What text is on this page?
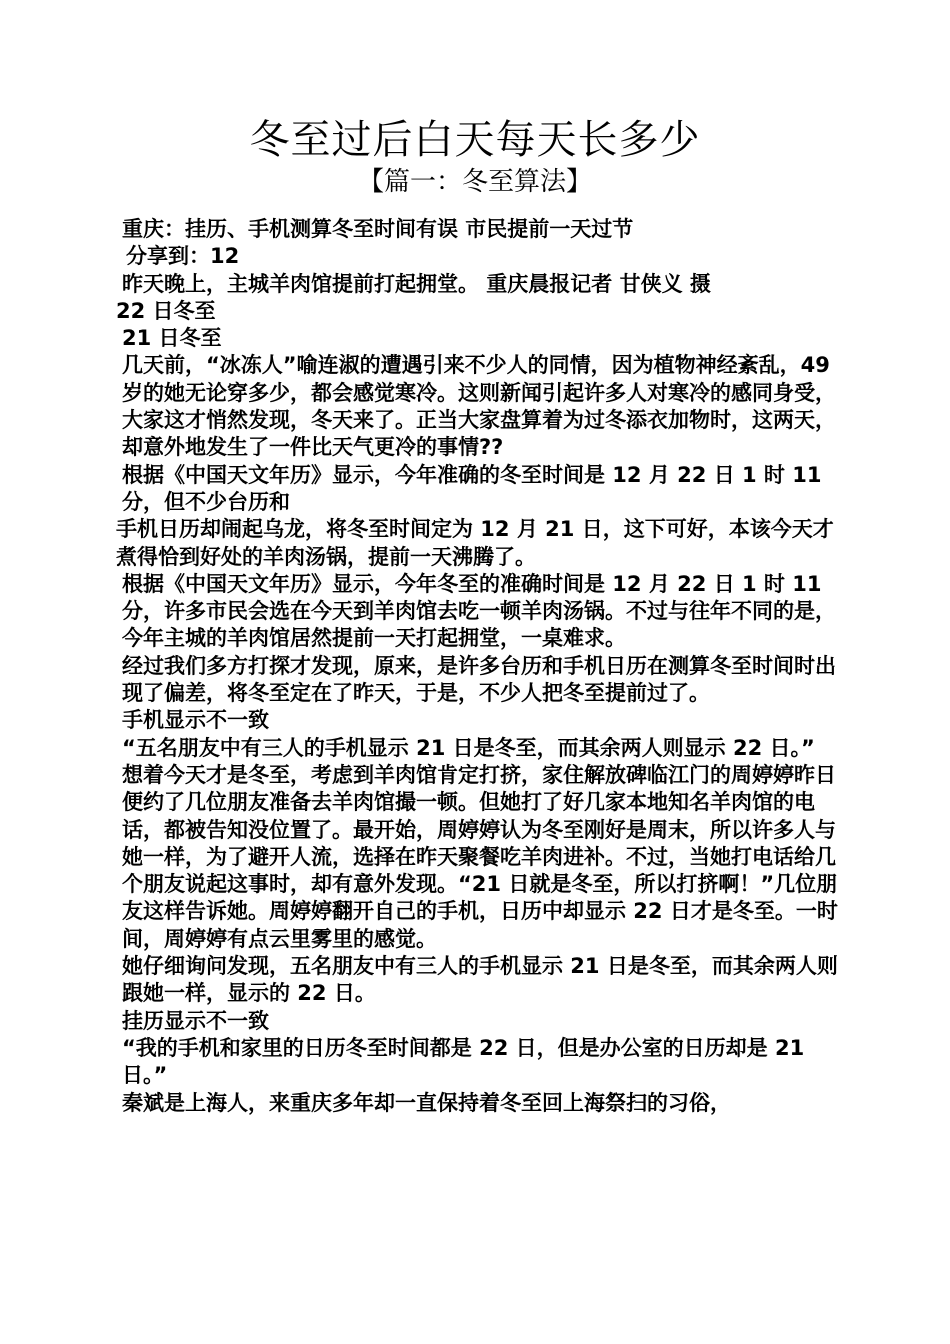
冬至过后白天每天长多少
【篇一：冬至算法】

重庆：挂历、手机测算冬至时间有误 市民提前一天过节

分享到：12

昨天晚上，主城羊肉馆提前打起拥堂。 重庆晨报记者 甘侠义 摄

22 日冬至

21 日冬至

几天前，“冰冻人”喻连淑的遭遇引来不少人的同情，因为植物神经紊乱，49 岁的她无论穿多少，都会感觉寒冷。这则新闻引起许多人对寒冷的感同身受，大家这才悄然发现，冬天来了。正当大家盘算着为过冬添衣加物时，这两天，却意外地发生了一件比天气更冷的事情??

根据《中国天文年历》显示，今年准确的冬至时间是 12 月 22 日 1 时 11 分，但不少台历和

手机日历却闹起乌龙，将冬至时间定为 12 月 21 日，这下可好，本该今天才煮得恰到好处的羊肉汤锅，提前一天沸腾了。

根据《中国天文年历》显示，今年冬至的准确时间是 12 月 22 日 1 时 11 分，许多市民会选在今天到羊肉馆去吃一顿羊肉汤锅。不过与往年不同的是，今年主城的羊肉馆居然提前一天打起拥堂，一桌难求。

经过我们多方打探才发现，原来，是许多台历和手机日历在测算冬至时间时出现了偏差，将冬至定在了昨天，于是，不少人把冬至提前过了。

手机显示不一致

“五名朋友中有三人的手机显示 21 日是冬至，而其余两人则显示 22 日。”

想着今天才是冬至，考虑到羊肉馆肯定打挤，家住解放碑临江门的周婷婷昨日便约了几位朋友准备去羊肉馆撮一顿。但她打了好几家本地知名羊肉馆的电话，都被告知没位置了。最开始，周婷婷认为冬至刚好是周末，所以许多人与她一样，为了避开人流，选择在昨天聚餐吃羊肉进补。不过，当她打电话给几个朋友说起这事时，却有意外发现。“21 日就是冬至，所以打挤啊！”几位朋友这样告诉她。周婷婷翻开自己的手机，日历中却显示 22 日才是冬至。一时间，周婷婷有点云里雾里的感觉。

她仔细询问发现，五名朋友中有三人的手机显示 21 日是冬至，而其余两人则跟她一样，显示的 22 日。

挂历显示不一致

“我的手机和家里的日历冬至时间都是 22 日，但是办公室的日历却是 21 日。”

秦斌是上海人，来重庆多年却一直保持着冬至回上海祭扫的习俗，
